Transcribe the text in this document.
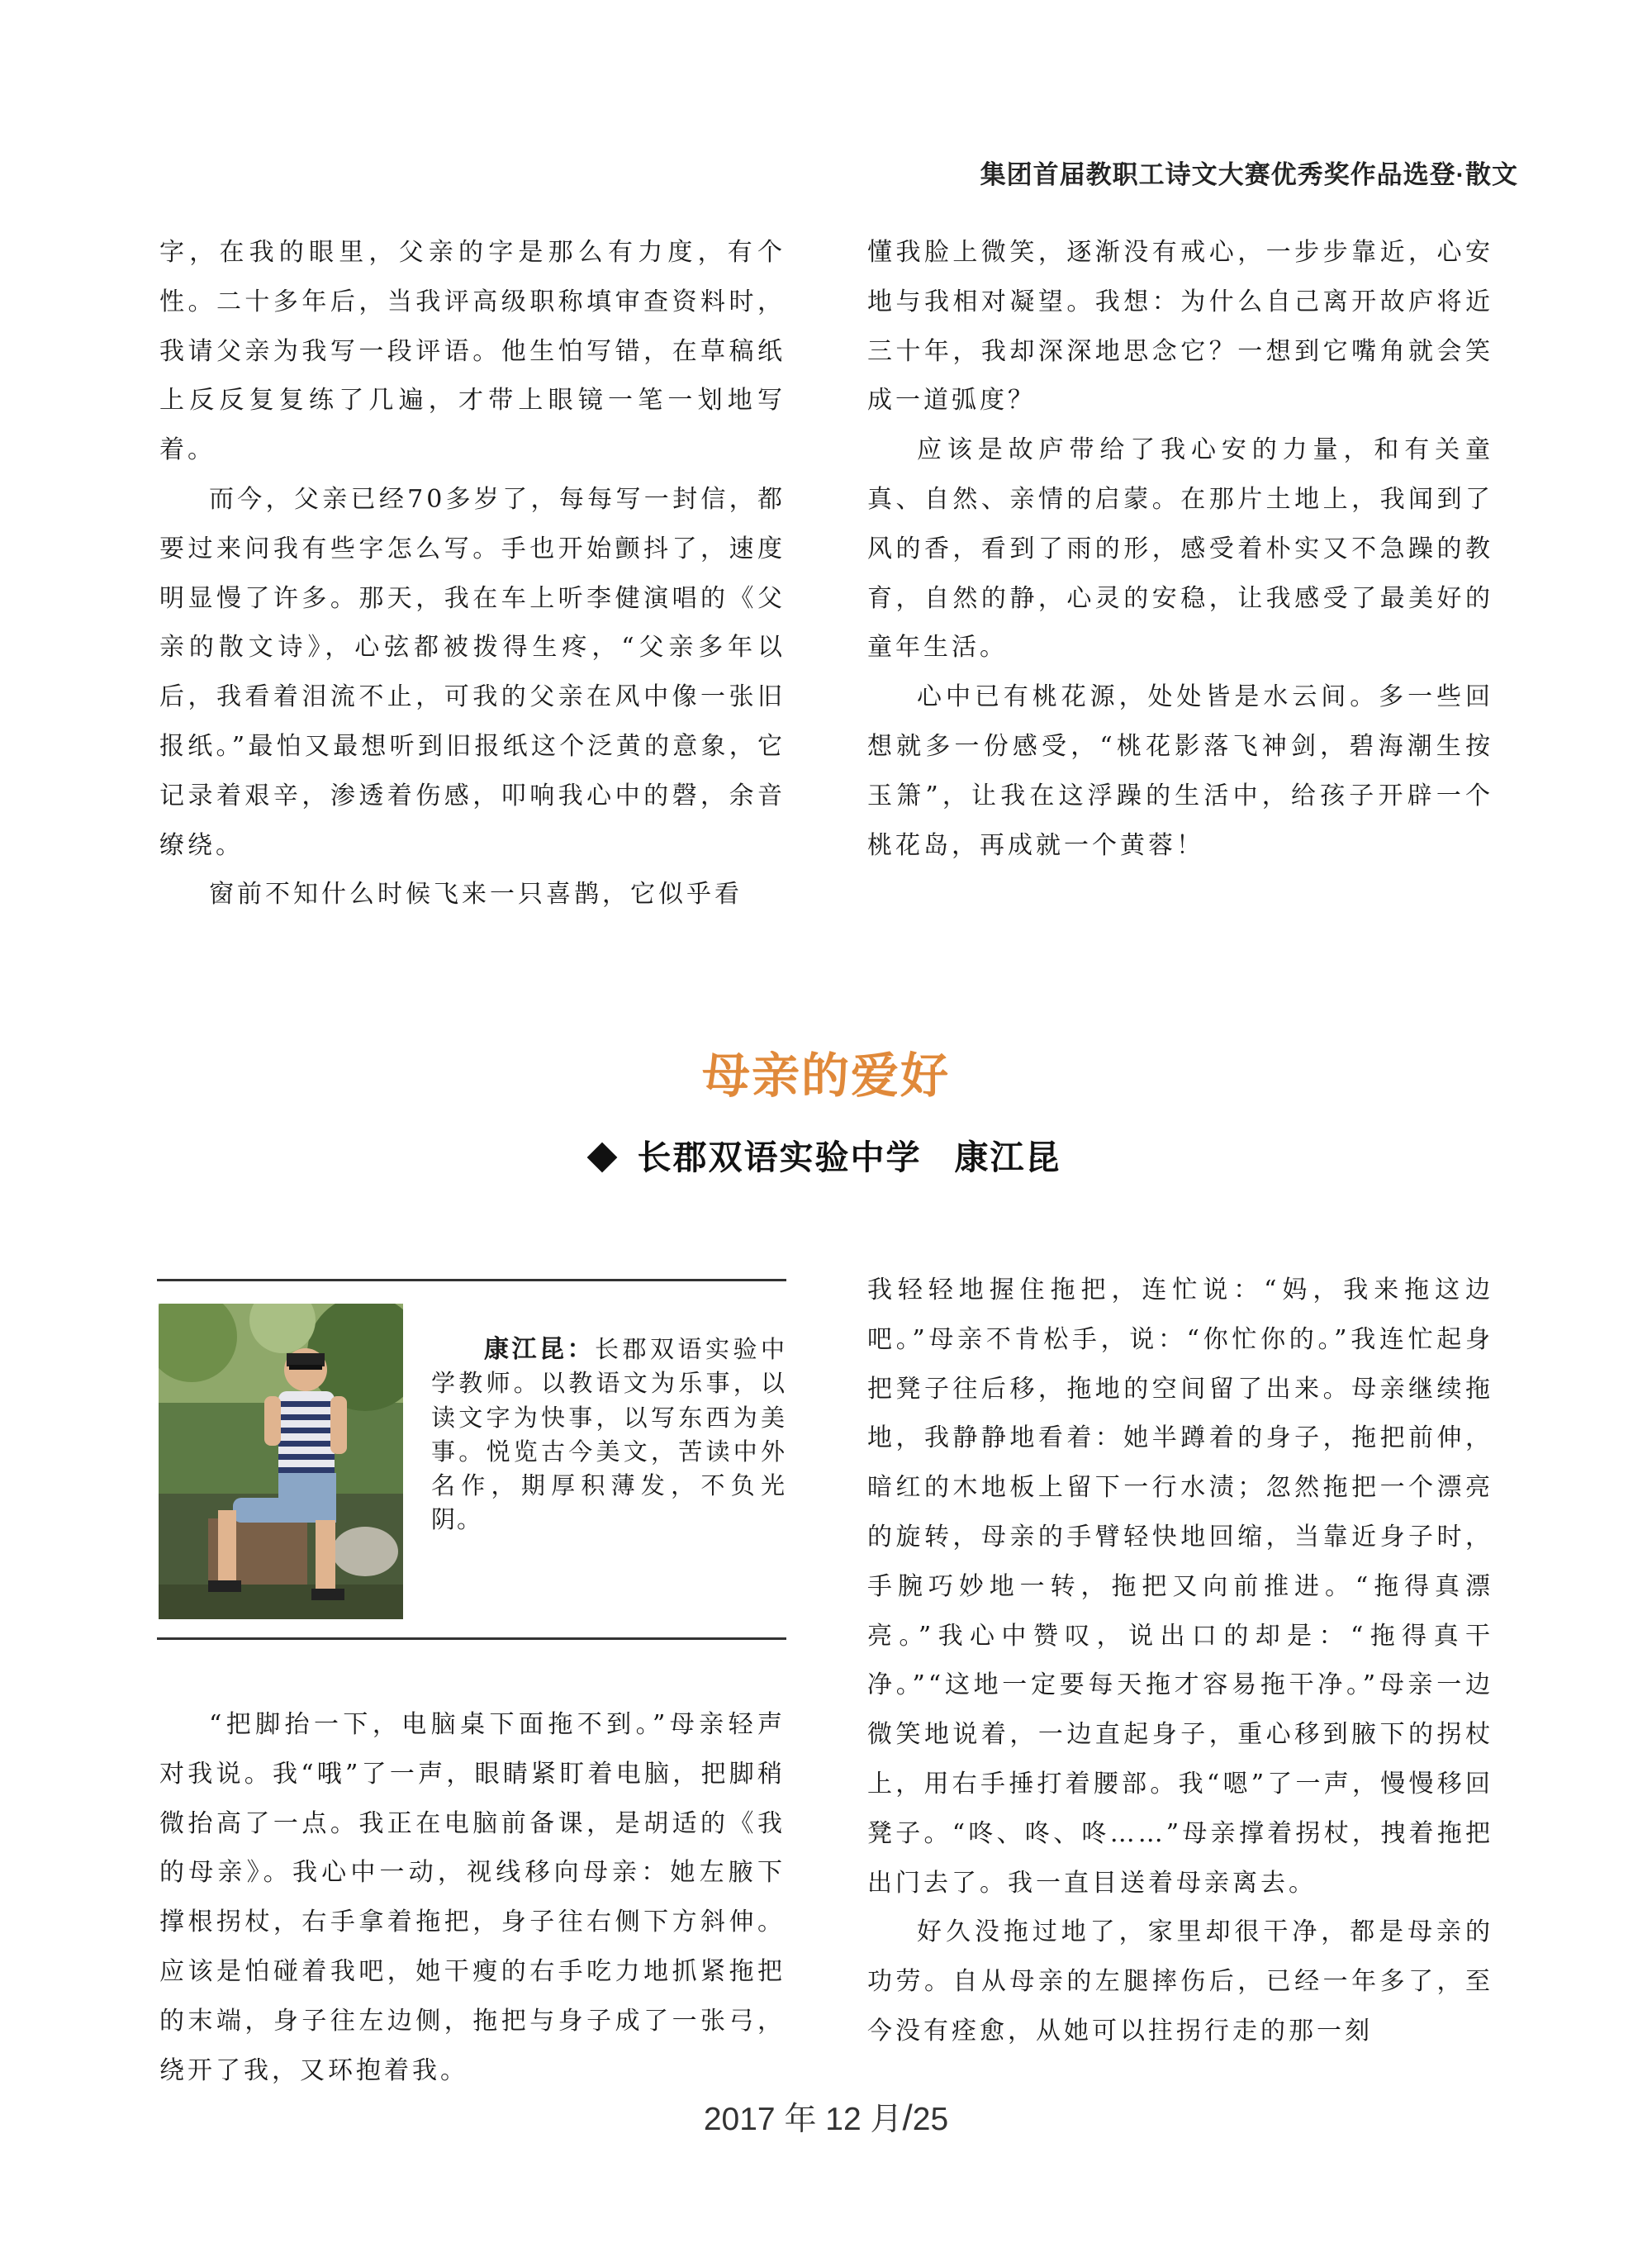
集团首届教职工诗文大赛优秀奖作品选登·散文

字，在我的眼里，父亲的字是那么有力度，有个性。二十多年后，当我评高级职称填审查资料时，我请父亲为我写一段评语。他生怕写错，在草稿纸上反反复复练了几遍，才带上眼镜一笔一划地写着。

而今，父亲已经70多岁了，每每写一封信，都要过来问我有些字怎么写。手也开始颤抖了，速度明显慢了许多。那天，我在车上听李健演唱的《父亲的散文诗》，心弦都被拨得生疼，“父亲多年以后，我看着泪流不止，可我的父亲在风中像一张旧报纸。”最怕又最想听到旧报纸这个泛黄的意象，它记录着艰辛，渗透着伤感，叩响我心中的磬，余音缭绕。

窗前不知什么时候飞来一只喜鹊，它似乎看

懂我脸上微笑，逐渐没有戒心，一步步靠近，心安地与我相对凝望。我想：为什么自己离开故庐将近三十年，我却深深地思念它？一想到它嘴角就会笑成一道弧度？

应该是故庐带给了我心安的力量，和有关童真、自然、亲情的启蒙。在那片土地上，我闻到了风的香，看到了雨的形，感受着朴实又不急躁的教育，自然的静，心灵的安稳，让我感受了最美好的童年生活。

心中已有桃花源，处处皆是水云间。多一些回想就多一份感受，“桃花影落飞神剑，碧海潮生按玉箫”，让我在这浮躁的生活中，给孩子开辟一个桃花岛，再成就一个黄蓉！

母亲的爱好
长郡双语实验中学 康江昆
康江昆：长郡双语实验中学教师。以教语文为乐事，以读文字为快事，以写东西为美事。悦览古今美文，苦读中外名作，期厚积薄发，不负光阴。

“把脚抬一下，电脑桌下面拖不到。”母亲轻声对我说。我“哦”了一声，眼睛紧盯着电脑，把脚稍微抬高了一点。我正在电脑前备课，是胡适的《我的母亲》。我心中一动，视线移向母亲：她左腋下撑根拐杖，右手拿着拖把，身子往右侧下方斜伸。应该是怕碰着我吧，她干瘦的右手吃力地抓紧拖把的末端，身子往左边侧，拖把与身子成了一张弓，绕开了我，又环抱着我。

我轻轻地握住拖把，连忙说：“妈，我来拖这边吧。”母亲不肯松手，说：“你忙你的。”我连忙起身把凳子往后移，拖地的空间留了出来。母亲继续拖地，我静静地看着：她半蹲着的身子，拖把前伸，暗红的木地板上留下一行水渍；忽然拖把一个漂亮的旋转，母亲的手臂轻快地回缩，当靠近身子时，手腕巧妙地一转，拖把又向前推进。“拖得真漂亮。”我心中赞叹，说出口的却是：“拖得真干净。”“这地一定要每天拖才容易拖干净。”母亲一边微笑地说着，一边直起身子，重心移到腋下的拐杖上，用右手捶打着腰部。我“嗯”了一声，慢慢移回凳子。“咚、咚、咚……”母亲撑着拐杖，拽着拖把出门去了。我一直目送着母亲离去。

好久没拖过地了，家里却很干净，都是母亲的功劳。自从母亲的左腿摔伤后，已经一年多了，至今没有痊愈，从她可以拄拐行走的那一刻

2017 年 12 月/25
